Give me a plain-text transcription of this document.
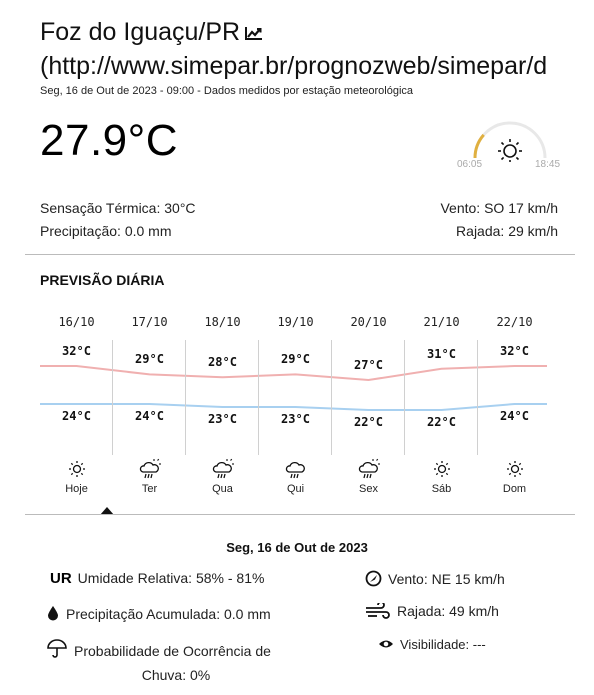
Foz do Iguaçu/PR
(http://www.simepar.br/prognozweb/simepar/d
Seg, 16 de Out de 2023 - 09:00 - Dados medidos por estação meteorológica
27.9°C	06:05	18:45
Sensação Térmica: 30°C
Precipitação: 0.0 mm
Vento: SO 17 km/h
Rajada: 29 km/h
PREVISÃO DIÁRIA
16/10
32°C
24°C
Hoje
17/10
29°C
24°C
Ter
18/10
28°C
23°C
Qua
19/10
29°C
23°C
Qui
20/10
27°C
22°C
Sex
21/10
31°C
22°C
Sáb
22/10
32°C
24°C
Dom
Seg, 16 de Out de 2023
UR Umidade Relativa: 58% - 81%
Precipitação Acumulada: 0.0 mm
Probabilidade de Ocorrência de

Chuva: 0%
Vento: NE 15 km/h
Rajada: 49 km/h
Visibilidade: ---
